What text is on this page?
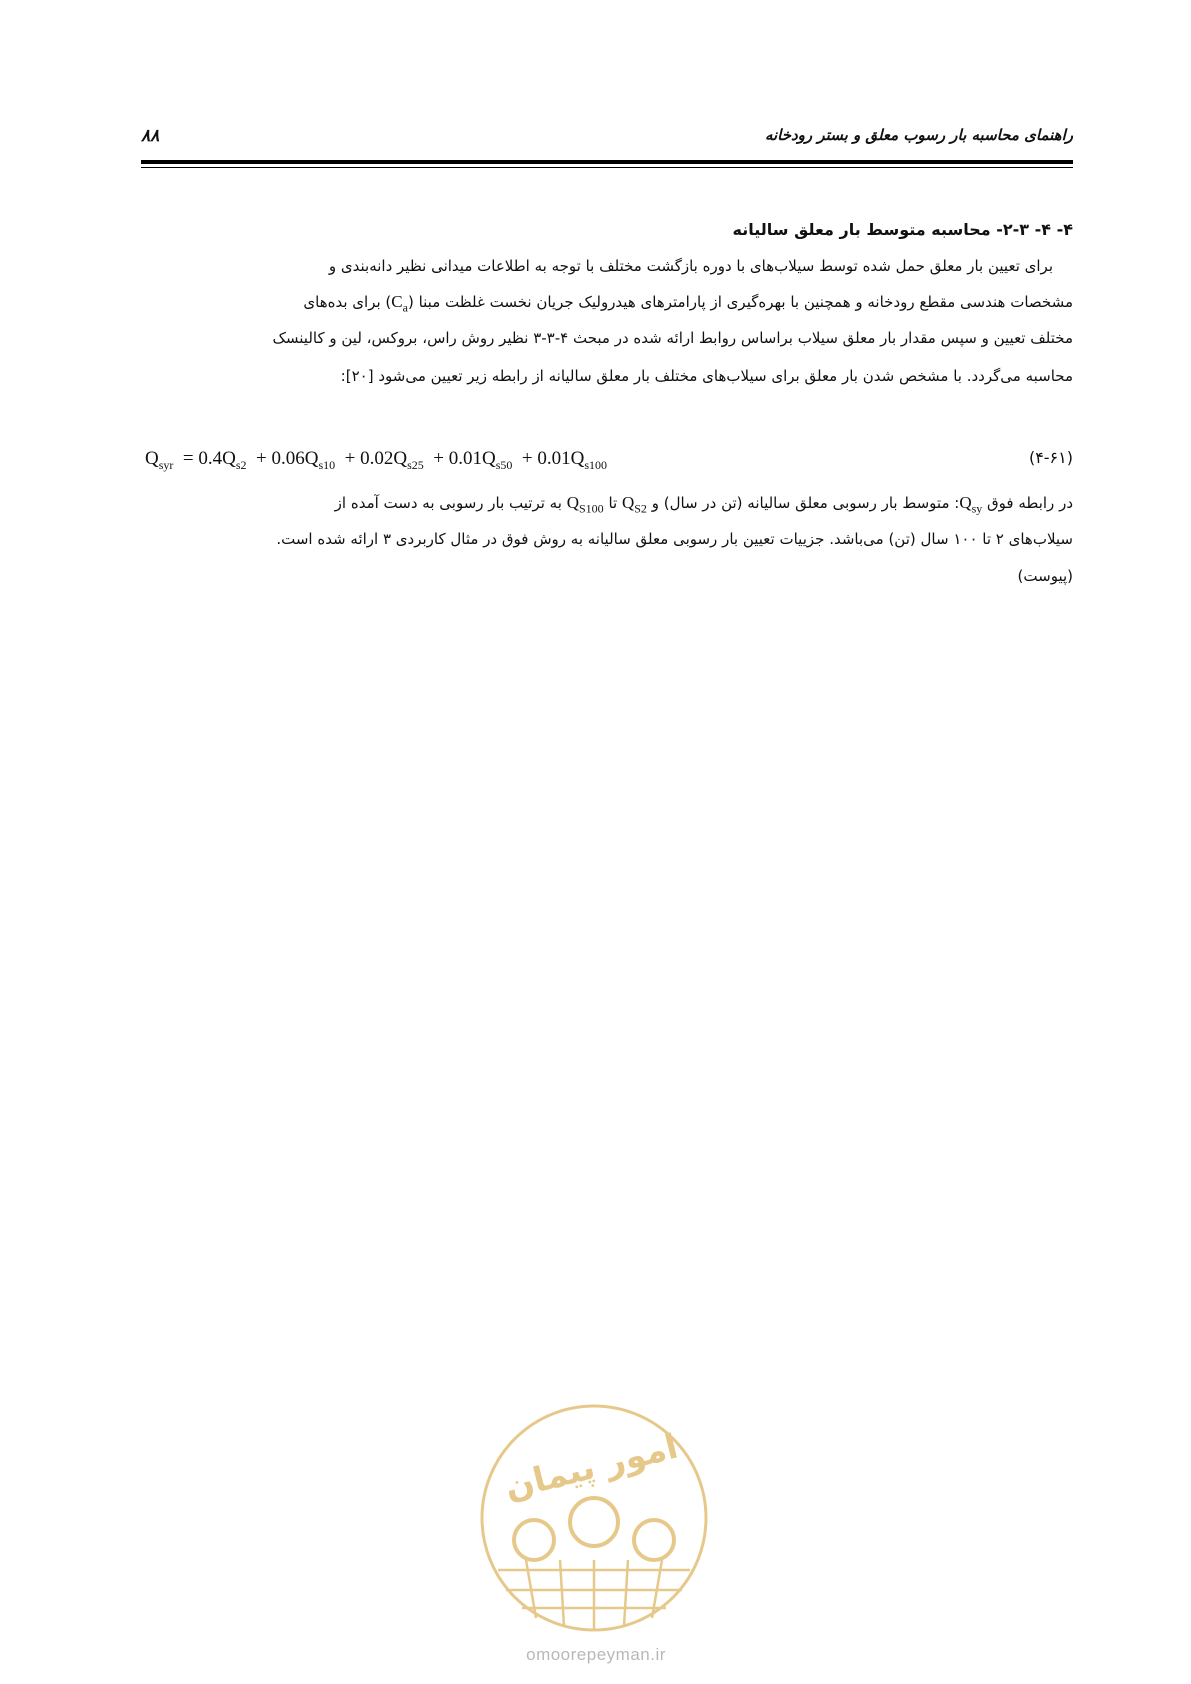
راهنمای محاسبه بار رسوب معلق و بستر رودخانه
۸۸
۴- ۴- ۲-۳- محاسبه متوسط بار معلق سالیانه
برای تعیین بار معلق حمل شده توسط سیلاب‌های با دوره بازگشت مختلف با توجه به اطلاعات میدانی نظیر دانه‌بندی و
مشخصات هندسی مقطع رودخانه و همچنین با بهره‌گیری از پارامترهای هیدرولیک جریان نخست غلظت مبنا $(C_a)$ برای بده‌های
مختلف تعیین و سپس مقدار بار معلق سیلاب براساس روابط ارائه شده در مبحث ۴-۳-۳ نظیر روش راس، بروکس، لین و کالینسک
محاسبه می‌گردد. با مشخص شدن بار معلق برای سیلاب‌های مختلف بار معلق سالیانه از رابطه زیر تعیین می‌شود [۲۰]:
$Q_{syr} = 0.4Q_{s2} + 0.06Q_{s10} + 0.02Q_{s25} + 0.01Q_{s50} + 0.01Q_{s100}$	(۴-۶۱)
در رابطه فوق $Q_{sy}$: متوسط بار رسوبی معلق سالیانه (تن در سال) و $Q_{S2}$ تا $Q_{S100}$ به ترتیب بار رسوبی به دست آمده از
سیلاب‌های ۲ تا ۱۰۰ سال (تن) می‌باشد. جزییات تعیین بار رسوبی معلق سالیانه به روش فوق در مثال کاربردی ۳ ارائه شده است.
(پیوست)
امور پیمان
omoorepeyman.ir
